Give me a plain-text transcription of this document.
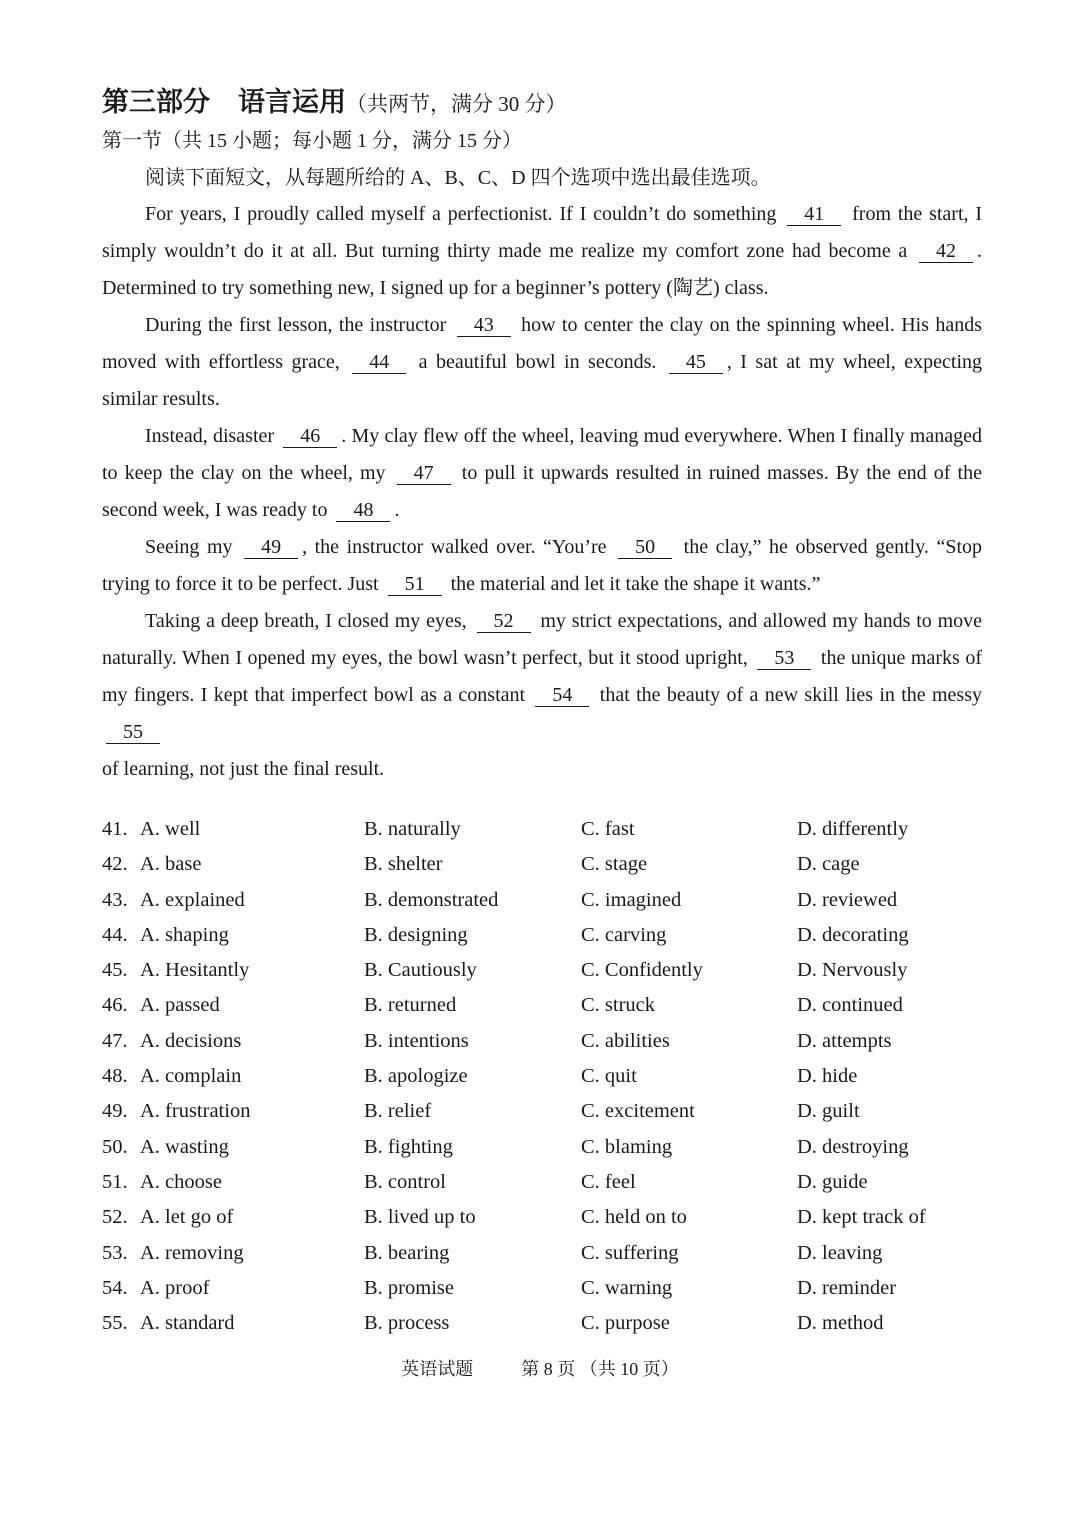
第三部分 语言运用（共两节，满分 30 分）
第一节（共 15 小题；每小题 1 分，满分 15 分）
阅读下面短文，从每题所给的 A、B、C、D 四个选项中选出最佳选项。

For years, I proudly called myself a perfectionist. If I couldn’t do something 41 from the start, I simply wouldn’t do it at all. But turning thirty made me realize my comfort zone had become a 42 . Determined to try something new, I signed up for a beginner’s pottery (陶艺) class.

During the first lesson, the instructor 43 how to center the clay on the spinning wheel. His hands moved with effortless grace, 44 a beautiful bowl in seconds. 45 , I sat at my wheel, expecting similar results.

Instead, disaster 46 . My clay flew off the wheel, leaving mud everywhere. When I finally managed to keep the clay on the wheel, my 47 to pull it upwards resulted in ruined masses. By the end of the second week, I was ready to 48 .

Seeing my 49 , the instructor walked over. “You’re 50 the clay,” he observed gently. “Stop trying to force it to be perfect. Just 51 the material and let it take the shape it wants.”

Taking a deep breath, I closed my eyes, 52 my strict expectations, and allowed my hands to move naturally. When I opened my eyes, the bowl wasn’t perfect, but it stood upright, 53 the unique marks of my fingers. I kept that imperfect bowl as a constant 54 that the beauty of a new skill lies in the messy 55

of learning, not just the final result.

41. A. well	B. naturally	C. fast	D. differently
42. A. base	B. shelter	C. stage	D. cage
43. A. explained	B. demonstrated	C. imagined	D. reviewed
44. A. shaping	B. designing	C. carving	D. decorating
45. A. Hesitantly	B. Cautiously	C. Confidently	D. Nervously
46. A. passed	B. returned	C. struck	D. continued
47. A. decisions	B. intentions	C. abilities	D. attempts
48. A. complain	B. apologize	C. quit	D. hide
49. A. frustration	B. relief	C. excitement	D. guilt
50. A. wasting	B. fighting	C. blaming	D. destroying
51. A. choose	B. control	C. feel	D. guide
52. A. let go of	B. lived up to	C. held on to	D. kept track of
53. A. removing	B. bearing	C. suffering	D. leaving
54. A. proof	B. promise	C. warning	D. reminder
55. A. standard	B. process	C. purpose	D. method
英语试题	第 8 页 （共 10 页）
